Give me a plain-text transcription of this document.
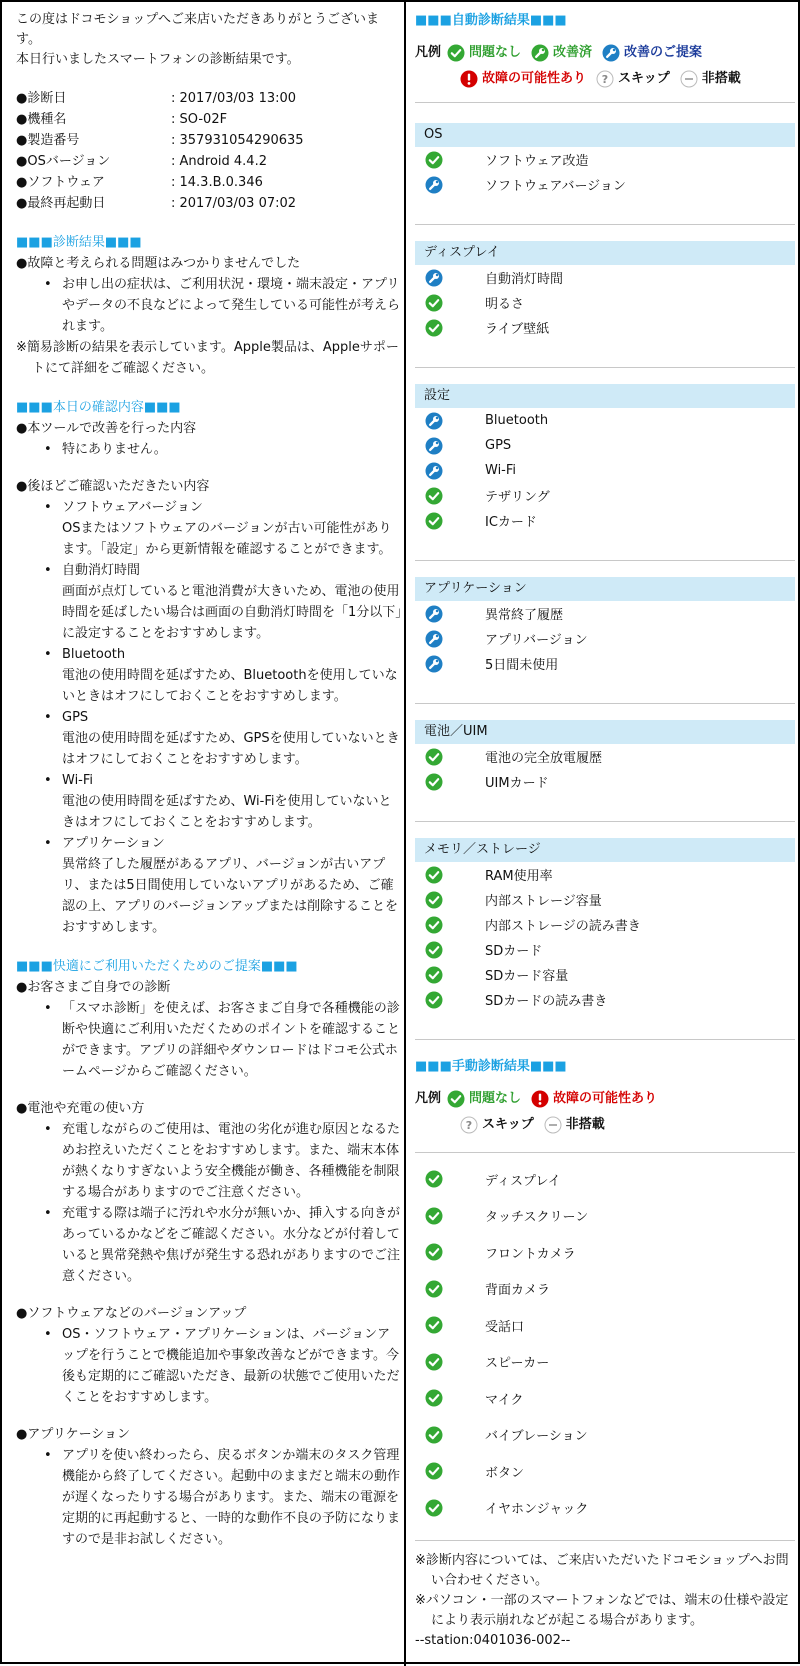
この度はドコモショップへご来店いただきありがとうございます。
本日行いましたスマートフォンの診断結果です。
●診断日	: 2017/03/03 13:00
●機種名	: SO-02F
●製造番号	: 357931054290635
●OSバージョン	: Android 4.4.2
●ソフトウェア	: 14.3.B.0.346
●最終再起動日	: 2017/03/03 07:02
■■■診断結果■■■
●故障と考えられる問題はみつかりませんでした
• お申し出の症状は、ご利用状況・環境・端末設定・アプリやデータの不良などによって発生している可能性が考えられます。
※簡易診断の結果を表示しています。Apple製品は、Appleサポートにて詳細をご確認ください。
■■■本日の確認内容■■■
●本ツールで改善を行った内容
• 特にありません。
●後ほどご確認いただきたい内容
• ソフトウェアバージョン
OSまたはソフトウェアのバージョンが古い可能性があります。「設定」から更新情報を確認することができます。
• 自動消灯時間
画面が点灯していると電池消費が大きいため、電池の使用時間を延ばしたい場合は画面の自動消灯時間を「1分以下」に設定することをおすすめします。
• Bluetooth
電池の使用時間を延ばすため、Bluetoothを使用していないときはオフにしておくことをおすすめします。
• GPS
電池の使用時間を延ばすため、GPSを使用していないときはオフにしておくことをおすすめします。
• Wi-Fi
電池の使用時間を延ばすため、Wi-Fiを使用していないときはオフにしておくことをおすすめします。
• アプリケーション
異常終了した履歴があるアプリ、バージョンが古いアプリ、または5日間使用していないアプリがあるため、ご確認の上、アプリのバージョンアップまたは削除することをおすすめします。
■■■快適にご利用いただくためのご提案■■■
●お客さまご自身での診断
• 「スマホ診断」を使えば、お客さまご自身で各種機能の診断や快適にご利用いただくためのポイントを確認することができます。アプリの詳細やダウンロードはドコモ公式ホームページからご確認ください。
●電池や充電の使い方
• 充電しながらのご使用は、電池の劣化が進む原因となるためお控えいただくことをおすすめします。また、端末本体が熱くなりすぎないよう安全機能が働き、各種機能を制限する場合がありますのでご注意ください。
• 充電する際は端子に汚れや水分が無いか、挿入する向きがあっているかなどをご確認ください。水分などが付着していると異常発熱や焦げが発生する恐れがありますのでご注意ください。
●ソフトウェアなどのバージョンアップ
• OS・ソフトウェア・アプリケーションは、バージョンアップを行うことで機能追加や事象改善などができます。今後も定期的にご確認いただき、最新の状態でご使用いただくことをおすすめします。
●アプリケーション
• アプリを使い終わったら、戻るボタンか端末のタスク管理機能から終了してください。起動中のままだと端末の動作が遅くなったりする場合があります。また、端末の電源を定期的に再起動すると、一時的な動作不良の予防になりますので是非お試しください。
■■■自動診断結果■■■
凡例 問題なし 改善済 改善のご提案
故障の可能性あり ? スキップ 非搭載
OS
ソフトウェア改造
ソフトウェアバージョン
ディスプレイ
自動消灯時間
明るさ
ライブ壁紙
設定
Bluetooth
GPS
Wi-Fi
テザリング
ICカード
アプリケーション
異常終了履歴
アプリバージョン
5日間未使用
電池／UIM
電池の完全放電履歴
UIMカード
メモリ／ストレージ
RAM使用率
内部ストレージ容量
内部ストレージの読み書き
SDカード
SDカード容量
SDカードの読み書き
■■■手動診断結果■■■
凡例 問題なし 故障の可能性あり
? スキップ 非搭載
ディスプレイ
タッチスクリーン
フロントカメラ
背面カメラ
受話口
スピーカー
マイク
バイブレーション
ボタン
イヤホンジャック
※診断内容については、ご来店いただいたドコモショップへお問い合わせください。
※パソコン・一部のスマートフォンなどでは、端末の仕様や設定により表示崩れなどが起こる場合があります。
--station:0401036-002--
